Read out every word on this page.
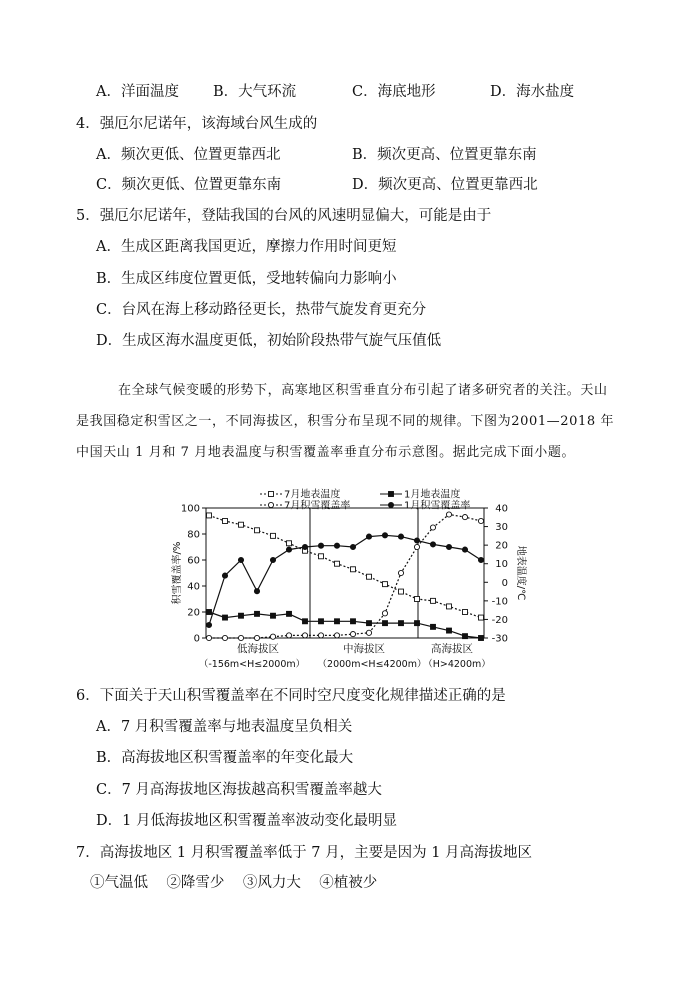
A．洋面温度 B．大气环流	C．海底地形	D．海水盐度
4．强厄尔尼诺年，该海域台风生成的
A．频次更低、位置更靠西北	B．频次更高、位置更靠东南
C．频次更低、位置更靠东南	D．频次更高、位置更靠西北
5．强厄尔尼诺年，登陆我国的台风的风速明显偏大，可能是由于
A．生成区距离我国更近，摩擦力作用时间更短
B．生成区纬度位置更低，受地转偏向力影响小
C．台风在海上移动路径更长，热带气旋发育更充分
D．生成区海水温度更低，初始阶段热带气旋气压值低
在全球气候变暖的形势下，高寒地区积雪垂直分布引起了诸多研究者的关注。天山
是我国稳定积雪区之一，不同海拔区，积雪分布呈现不同的规律。下图为2001—2018 年
中国天山 1 月和 7 月地表温度与积雪覆盖率垂直分布示意图。据此完成下面小题。
0
20
40
60
80
100
-30
-20
-10
0
10
20
30
40
积雪覆盖率/%	地表温度/℃
7月地表温度	1月地表温度
7月积雪覆盖率	1月积雪覆盖率
低海拔区	中海拔区	高海拔区
（-156m<H≤2000m） （2000m<H≤4200m）
（H>4200m）
6．下面关于天山积雪覆盖率在不同时空尺度变化规律描述正确的是
A．7 月积雪覆盖率与地表温度呈负相关
B．高海拔地区积雪覆盖率的年变化最大
C．7 月高海拔地区海拔越高积雪覆盖率越大
D．1 月低海拔地区积雪覆盖率波动变化最明显
7．高海拔地区 1 月积雪覆盖率低于 7 月，主要是因为 1 月高海拔地区
①气温低    ②降雪少    ③风力大    ④植被少
